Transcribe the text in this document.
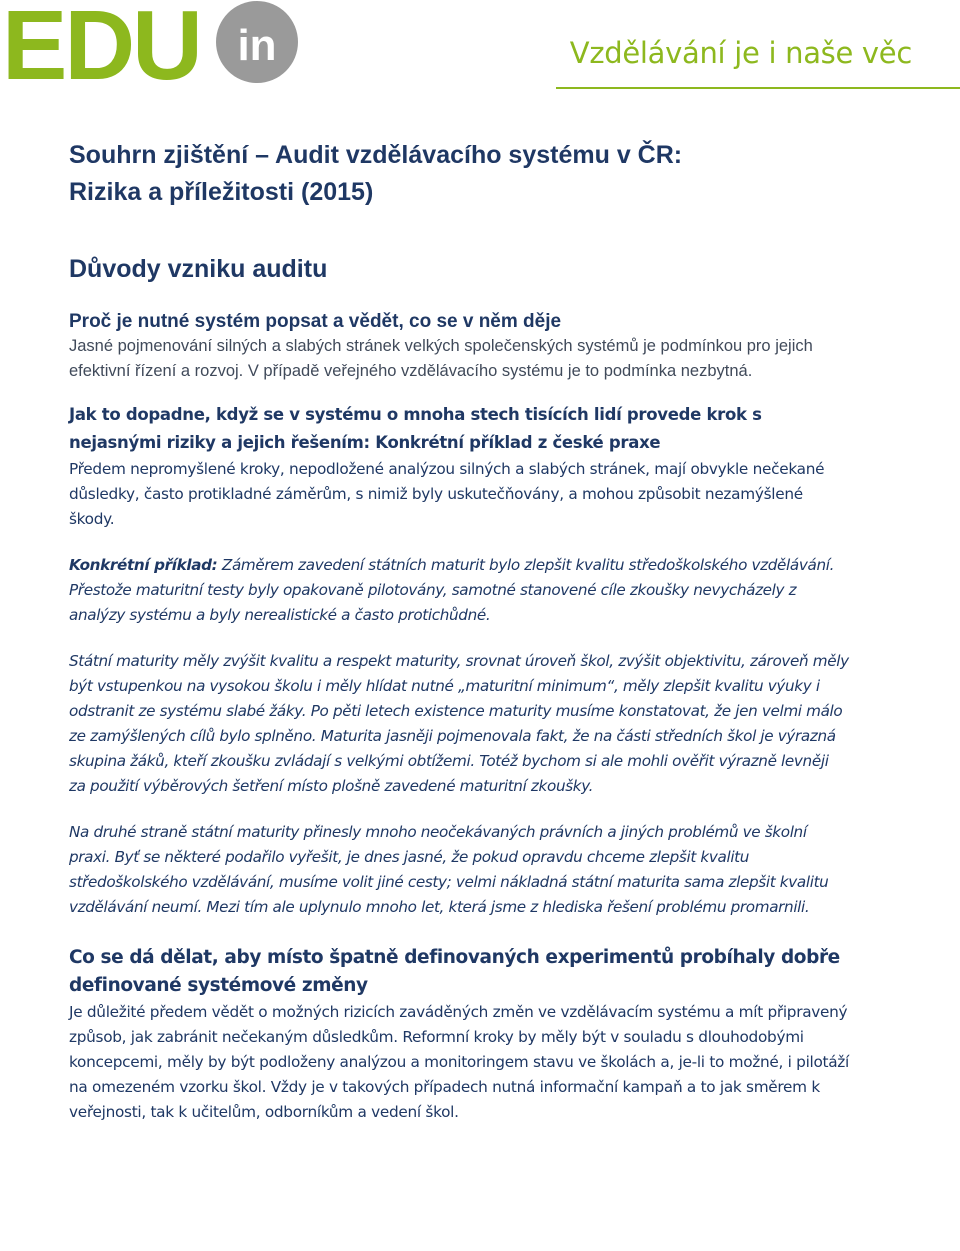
EDU in	Vzdělávání je i naše věc
Souhrn zjištění – Audit vzdělávacího systému v ČR:
Rizika a příležitosti (2015)
Důvody vzniku auditu
Proč je nutné systém popsat a vědět, co se v něm děje

Jasné pojmenování silných a slabých stránek velkých společenských systémů je podmínkou pro jejich efektivní řízení a rozvoj. V případě veřejného vzdělávacího systému je to podmínka nezbytná.

Jak to dopadne, když se v systému o mnoha stech tisících lidí provede krok s nejasnými riziky a jejich řešením: Konkrétní příklad z české praxe

Předem nepromyšlené kroky, nepodložené analýzou silných a slabých stránek, mají obvykle nečekané důsledky, často protikladné záměrům, s nimiž byly uskutečňovány, a mohou způsobit nezamýšlené škody.

Konkrétní příklad: Záměrem zavedení státních maturit bylo zlepšit kvalitu středoškolského vzdělávání. Přestože maturitní testy byly opakovaně pilotovány, samotné stanovené cíle zkoušky nevycházely z analýzy systému a byly nerealistické a často protichůdné.

Státní maturity měly zvýšit kvalitu a respekt maturity, srovnat úroveň škol, zvýšit objektivitu, zároveň měly být vstupenkou na vysokou školu i měly hlídat nutné „maturitní minimum“, měly zlepšit kvalitu výuky i odstranit ze systému slabé žáky. Po pěti letech existence maturity musíme konstatovat, že jen velmi málo ze zamýšlených cílů bylo splněno. Maturita jasněji pojmenovala fakt, že na části středních škol je výrazná skupina žáků, kteří zkoušku zvládají s velkými obtížemi. Totéž bychom si ale mohli ověřit výrazně levněji za použití výběrových šetření místo plošně zavedené maturitní zkoušky.

Na druhé straně státní maturity přinesly mnoho neočekávaných právních a jiných problémů ve školní praxi. Byť se některé podařilo vyřešit, je dnes jasné, že pokud opravdu chceme zlepšit kvalitu středoškolského vzdělávání, musíme volit jiné cesty; velmi nákladná státní maturita sama zlepšit kvalitu vzdělávání neumí. Mezi tím ale uplynulo mnoho let, která jsme z hlediska řešení problému promarnili.

Co se dá dělat, aby místo špatně definovaných experimentů probíhaly dobře definované systémové změny

Je důležité předem vědět o možných rizicích zaváděných změn ve vzdělávacím systému a mít připravený způsob, jak zabránit nečekaným důsledkům. Reformní kroky by měly být v souladu s dlouhodobými koncepcemi, měly by být podloženy analýzou a monitoringem stavu ve školách a, je-li to možné, i pilotáží na omezeném vzorku škol. Vždy je v takových případech nutná informační kampaň a to jak směrem k veřejnosti, tak k učitelům, odborníkům a vedení škol.
